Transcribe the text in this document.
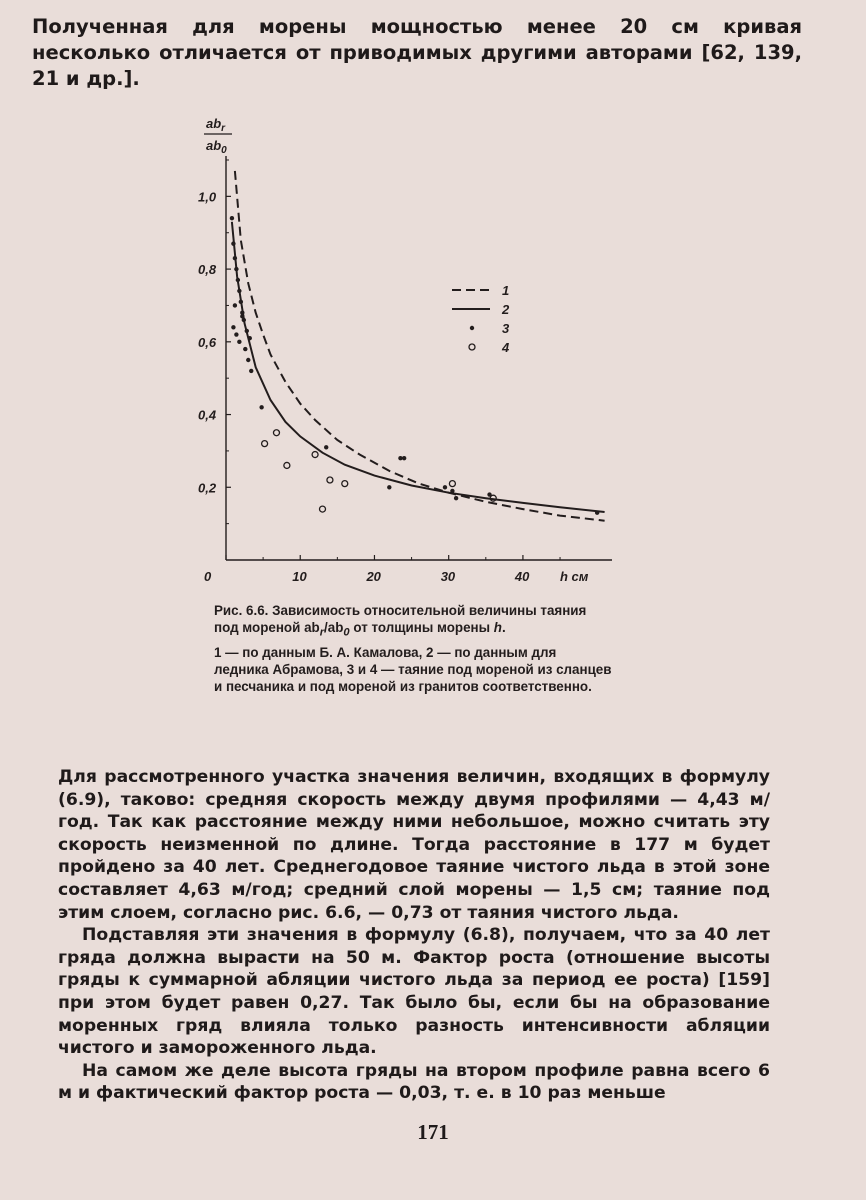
Полученная для морены мощностью менее 20 см кривая несколько отличается от приводимых другими авторами [62, 139, 21 и др.].

0	10	20	30	40
0,2
0,4
0,6
0,8
1,0
1
2
3
4
$ab_r$
$ab_0$
h см

Рис. 6.6. Зависимость относительной величины таяния под мореной $ab_r/ab_0$ от толщины морены h.

1 — по данным Б. А. Камалова, 2 — по данным для ледника Абрамова, 3 и 4 — таяние под мореной из сланцев и песчаника и под мореной из гранитов соответственно.

Для рассмотренного участка значения величин, входящих в формулу (6.9), таково: средняя скорость между двумя профилями — 4,43 м/год. Так как расстояние между ними небольшое, можно считать эту скорость неизменной по длине. Тогда расстояние в 177 м будет пройдено за 40 лет. Среднегодовое таяние чистого льда в этой зоне составляет 4,63 м/год; средний слой морены — 1,5 см; таяние под этим слоем, согласно рис. 6.6, — 0,73 от таяния чистого льда.

Подставляя эти значения в формулу (6.8), получаем, что за 40 лет гряда должна вырасти на 50 м. Фактор роста (отношение высоты гряды к суммарной абляции чистого льда за период ее роста) [159] при этом будет равен 0,27. Так было бы, если бы на образование моренных гряд влияла только разность интенсивности абляции чистого и замороженного льда.

На самом же деле высота гряды на втором профиле равна всего 6 м и фактический фактор роста — 0,03, т. е. в 10 раз меньше

171
